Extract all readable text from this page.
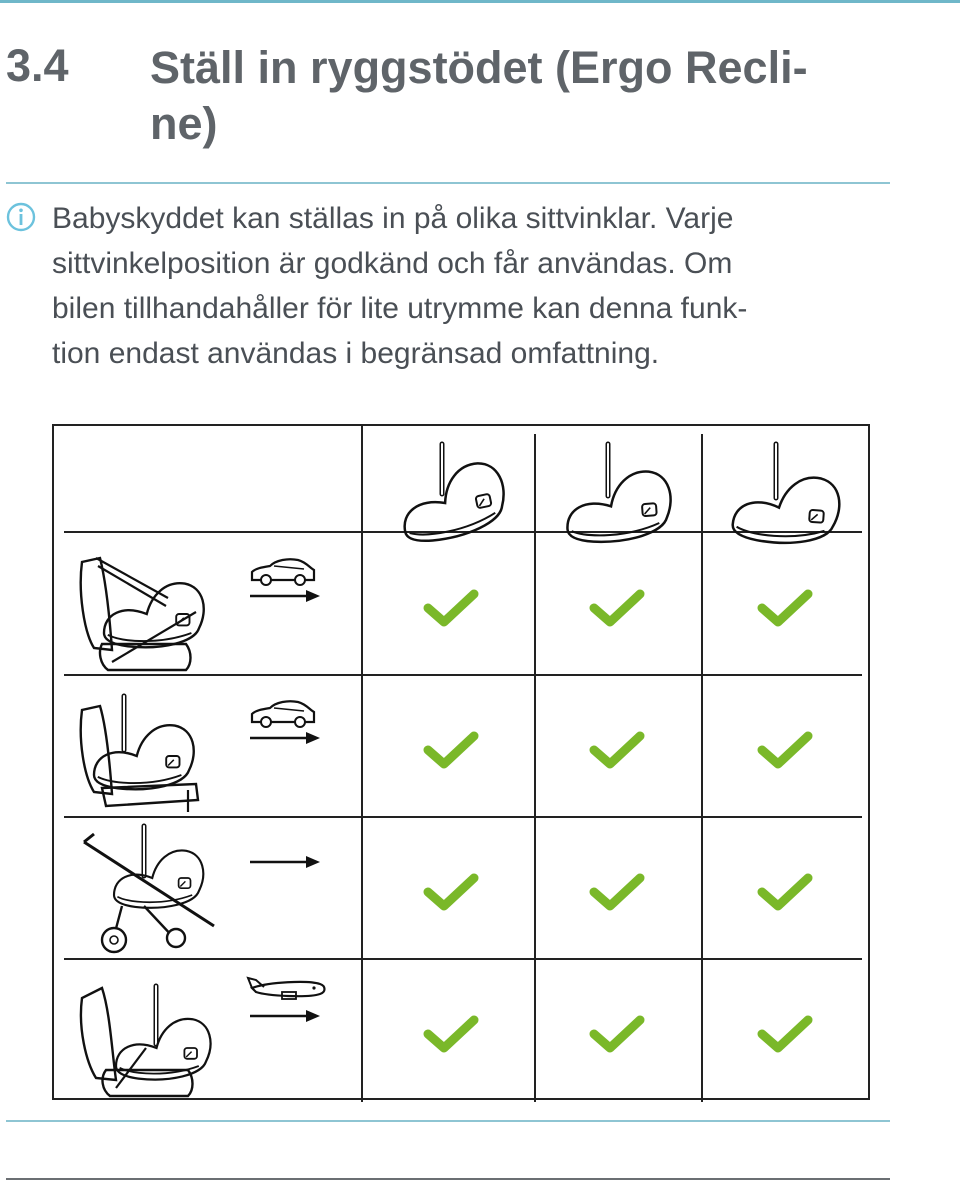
3.4 Ställ in ryggstödet (Ergo Recli-
ne)
Babyskyddet kan ställas in på olika sittvinklar. Varje
sittvinkelposition är godkänd och får användas. Om
bilen tillhandahåller för lite utrymme kan denna funk-
tion endast användas i begränsad omfattning.
